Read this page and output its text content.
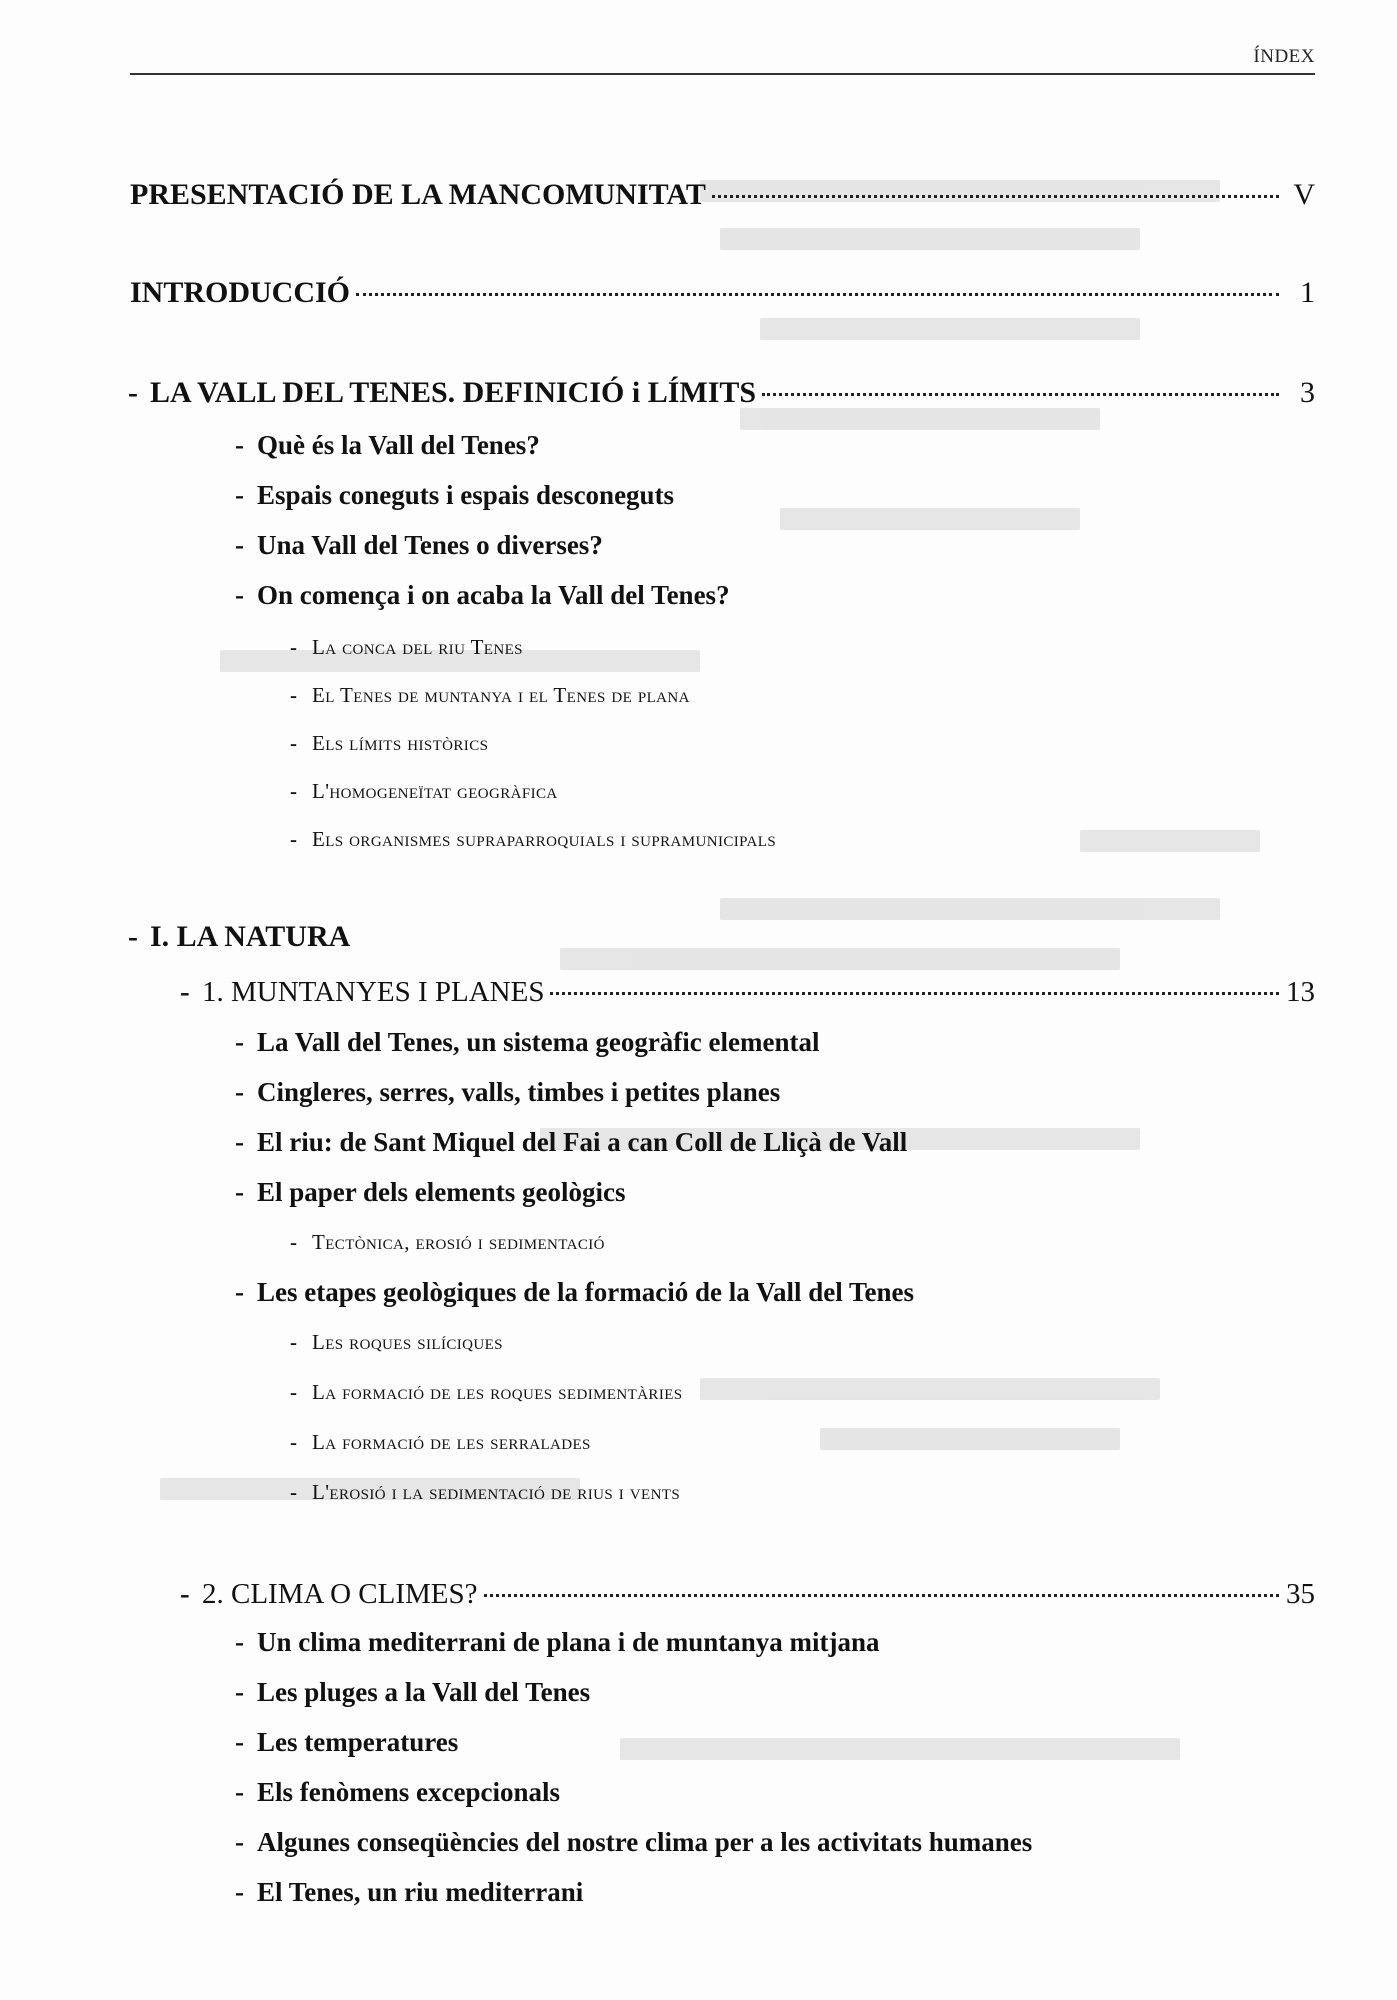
ÍNDEX
PRESENTACIÓ DE LA MANCOMUNITAT	V
INTRODUCCIÓ	1
- LA VALL DEL TENES. DEFINICIÓ i LÍMITS	3
- Què és la Vall del Tenes?
- Espais coneguts i espais desconeguts
- Una Vall del Tenes o diverses?
- On comença i on acaba la Vall del Tenes?
- La conca del riu Tenes
- El Tenes de muntanya i el Tenes de plana
- Els límits històrics
- L'homogeneïtat geogràfica
- Els organismes supraparroquials i supramunicipals
- I. LA NATURA
- 1. MUNTANYES I PLANES	13
- La Vall del Tenes, un sistema geogràfic elemental
- Cingleres, serres, valls, timbes i petites planes
- El riu: de Sant Miquel del Fai a can Coll de Lliçà de Vall
- El paper dels elements geològics
- Tectònica, erosió i sedimentació
- Les etapes geològiques de la formació de la Vall del Tenes
- Les roques silíciques
- La formació de les roques sedimentàries
- La formació de les serralades
- L'erosió i la sedimentació de rius i vents
- 2. CLIMA O CLIMES?	35
- Un clima mediterrani de plana i de muntanya mitjana
- Les pluges a la Vall del Tenes
- Les temperatures
- Els fenòmens excepcionals
- Algunes conseqüències del nostre clima per a les activitats humanes
- El Tenes, un riu mediterrani
